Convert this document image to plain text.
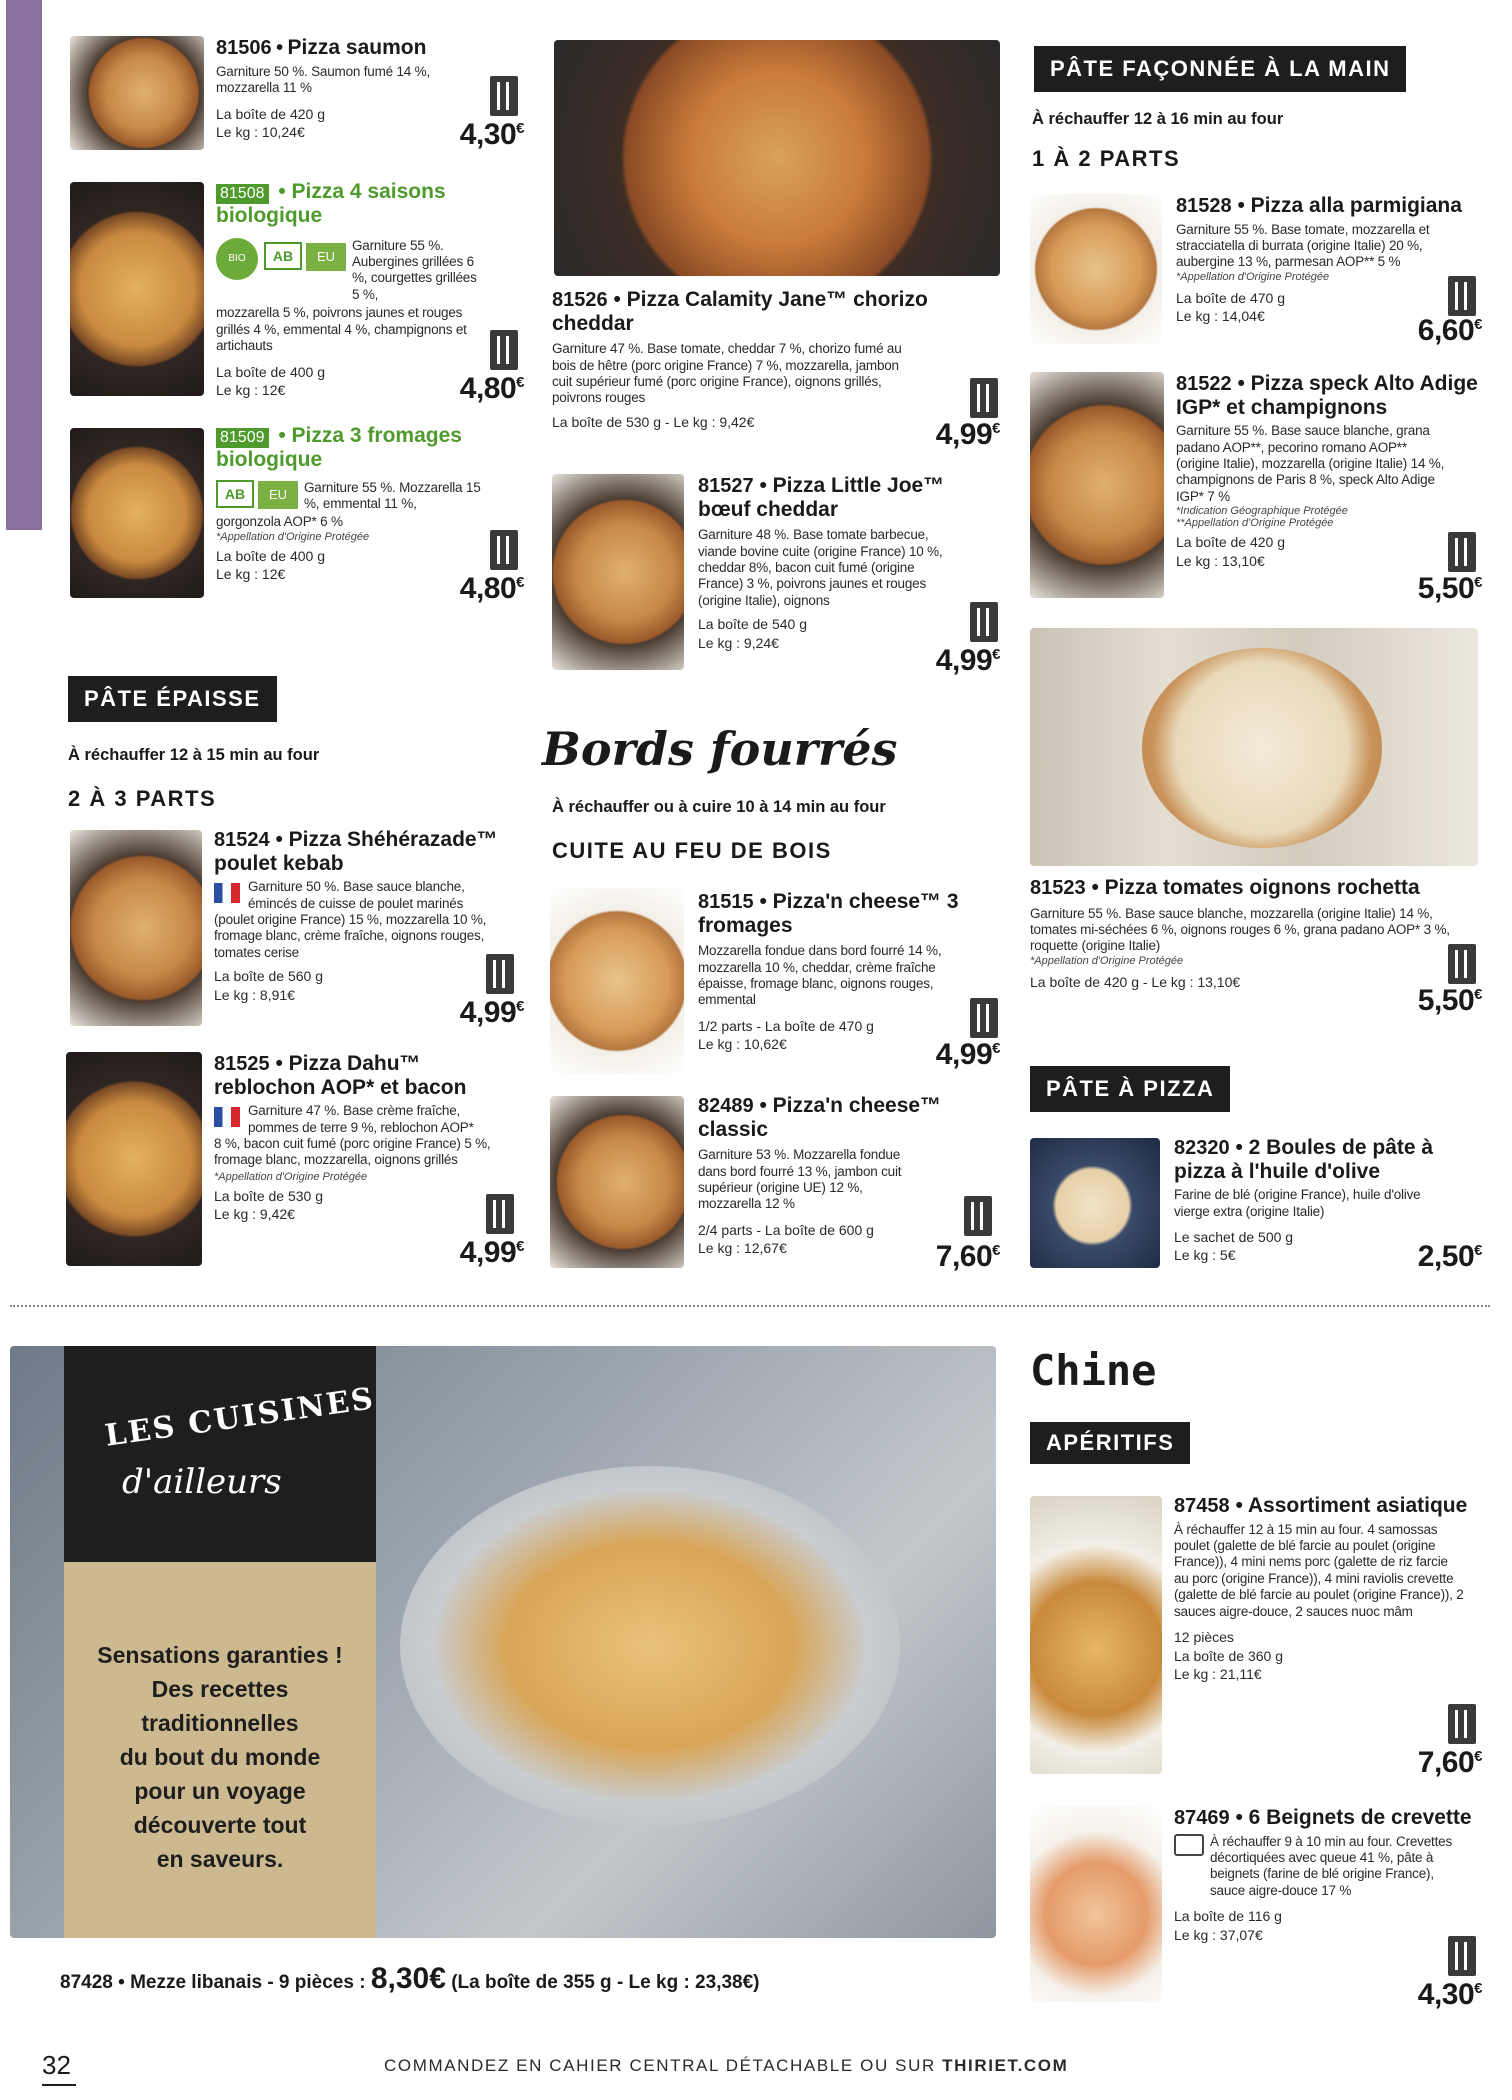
81506 • Pizza saumon
Garniture 50 %. Saumon fumé 14 %, mozzarella 11 %
La boîte de 420 g
Le kg : 10,24€	4,30€
81508 • Pizza 4 saisons biologique
BIO AB EU
Garniture 55 %. Aubergines grillées 6 %, courgettes grillées 5 %,
mozzarella 5 %, poivrons jaunes et rouges grillés 4 %, emmental 4 %, champignons et artichauts
La boîte de 400 g
Le kg : 12€	4,80€
81509 • Pizza 3 fromages biologique
AB EU	Garniture 55 %. Mozzarella 15 %, emmental 11 %,
gorgonzola AOP* 6 %
*Appellation d'Origine Protégée
La boîte de 400 g
Le kg : 12€	4,80€
PÂTE ÉPAISSE
À réchauffer 12 à 15 min au four
2 À 3 PARTS
81524 • Pizza Shéhérazade™ poulet kebab
Garniture 50 %. Base sauce blanche, émincés de cuisse de poulet marinés
(poulet origine France) 15 %, mozzarella 10 %, fromage blanc, crème fraîche, oignons rouges, tomates cerise
La boîte de 560 g
Le kg : 8,91€
4,99€
81525 • Pizza Dahu™ reblochon AOP* et bacon
Garniture 47 %. Base crème fraîche, pommes de terre 9 %, reblochon AOP*
8 %, bacon cuit fumé (porc origine France) 5 %, fromage blanc, mozzarella, oignons grillés
*Appellation d'Origine Protégée
La boîte de 530 g
Le kg : 9,42€
4,99€
81526 • Pizza Calamity Jane™ chorizo cheddar
Garniture 47 %. Base tomate, cheddar 7 %, chorizo fumé au bois de hêtre (porc origine France) 7 %, mozzarella, jambon cuit supérieur fumé (porc origine France), oignons grillés, poivrons rouges
La boîte de 530 g - Le kg : 9,42€	4,99€
81527 • Pizza Little Joe™ bœuf cheddar
Garniture 48 %. Base tomate barbecue, viande bovine cuite (origine France) 10 %, cheddar 8%, bacon cuit fumé (origine France) 3 %, poivrons jaunes et rouges (origine Italie), oignons
La boîte de 540 g
Le kg : 9,24€
4,99€
Bords fourrés
À réchauffer ou à cuire 10 à 14 min au four
CUITE AU FEU DE BOIS
81515 • Pizza'n cheese™ 3 fromages
Mozzarella fondue dans bord fourré 14 %, mozzarella 10 %, cheddar, crème fraîche épaisse, fromage blanc, oignons rouges, emmental
1/2 parts - La boîte de 470 g
Le kg : 10,62€	4,99€
82489 • Pizza'n cheese™ classic
Garniture 53 %. Mozzarella fondue dans bord fourré 13 %, jambon cuit supérieur (origine UE) 12 %, mozzarella 12 %
2/4 parts - La boîte de 600 g
Le kg : 12,67€	7,60€
PÂTE FAÇONNÉE À LA MAIN
À réchauffer 12 à 16 min au four
1 À 2 PARTS
81528 • Pizza alla parmigiana
Garniture 55 %. Base tomate, mozzarella et stracciatella di burrata (origine Italie) 20 %, aubergine 13 %, parmesan AOP** 5 %
*Appellation d'Origine Protégée
La boîte de 470 g
Le kg : 14,04€	6,60€
81522 • Pizza speck Alto Adige IGP* et champignons
Garniture 55 %. Base sauce blanche, grana padano AOP**, pecorino romano AOP** (origine Italie), mozzarella (origine Italie) 14 %, champignons de Paris 8 %, speck Alto Adige IGP* 7 %
*Indication Géographique Protégée
**Appellation d'Origine Protégée
La boîte de 420 g
Le kg : 13,10€
5,50€
81523 • Pizza tomates oignons rochetta
Garniture 55 %. Base sauce blanche, mozzarella (origine Italie) 14 %, tomates mi-séchées 6 %, oignons rouges 6 %, grana padano AOP* 3 %, roquette (origine Italie)
*Appellation d'Origine Protégée
La boîte de 420 g - Le kg : 13,10€
5,50€
PÂTE À PIZZA
82320 • 2 Boules de pâte à pizza à l'huile d'olive
Farine de blé (origine France), huile d'olive vierge extra (origine Italie)
Le sachet de 500 g
Le kg : 5€	2,50€
LES CUISINES
d'ailleurs
Sensations garanties !
Des recettes
traditionnelles
du bout du monde
pour un voyage
découverte tout
en saveurs.
Chine
APÉRITIFS
87458 • Assortiment asiatique
À réchauffer 12 à 15 min au four. 4 samossas poulet (galette de blé farcie au poulet (origine France)), 4 mini nems porc (galette de riz farcie au porc (origine France)), 4 mini raviolis crevette (galette de blé farcie au poulet (origine France)), 2 sauces aigre-douce, 2 sauces nuoc mâm
12 pièces
La boîte de 360 g
Le kg : 21,11€
7,60€
87469 • 6 Beignets de crevette
À réchauffer 9 à 10 min au four. Crevettes décortiquées avec queue 41 %, pâte à beignets (farine de blé origine France), sauce aigre-douce 17 %
La boîte de 116 g
Le kg : 37,07€
4,30€
87428 • Mezze libanais - 9 pièces : 8,30€ (La boîte de 355 g - Le kg : 23,38€)
32	COMMANDEZ EN CAHIER CENTRAL DÉTACHABLE OU SUR THIRIET.COM
